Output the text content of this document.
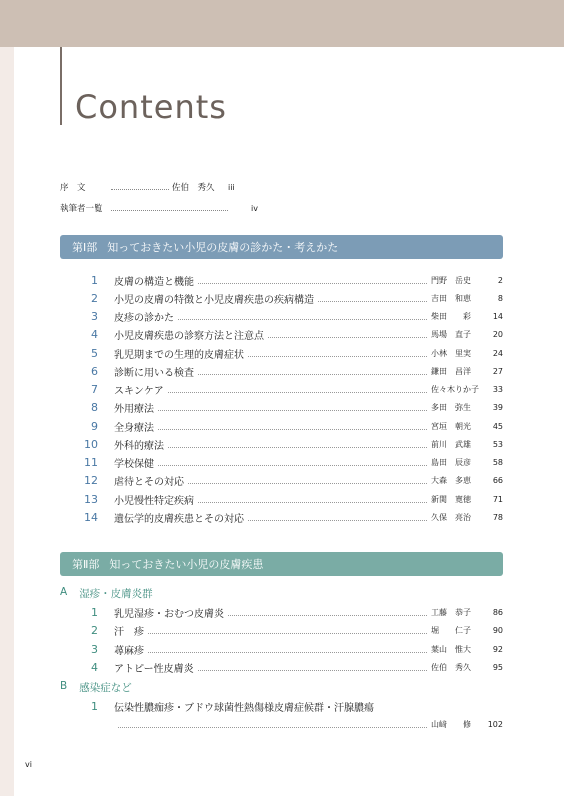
Contents
序　文	佐伯　秀久	iii
執筆者一覧	iv
第Ⅰ部 知っておきたい小児の皮膚の診かた・考えかた
1 皮膚の構造と機能	門野　岳史	2
2 小児の皮膚の特徴と小児皮膚疾患の疾病構造	吉田　和恵	8
3 皮疹の診かた	柴田　　彩	14
4 小児皮膚疾患の診察方法と注意点	馬場　直子	20
5 乳児期までの生理的皮膚症状	小林　里実	24
6 診断に用いる検査	鎌田　昌洋	27
7 スキンケア	佐々木りか子	33
8 外用療法	多田　弥生	39
9 全身療法	宮垣　朝光	45
10 外科的療法	前川　武雄	53
11 学校保健	島田　辰彦	58
12 虐待とその対応	大森　多恵	66
13 小児慢性特定疾病	新関　寛徳	71
14 遺伝学的皮膚疾患とその対応	久保　亮治	78
第Ⅱ部 知っておきたい小児の皮膚疾患
A 湿疹・皮膚炎群
1 乳児湿疹・おむつ皮膚炎	工藤　恭子	86
2 汗　疹	堀　　仁子	90
3 蕁麻疹	葉山　惟大	92
4 アトピー性皮膚炎	佐伯　秀久	95
B 感染症など
1 伝染性膿痂疹・ブドウ球菌性熱傷様皮膚症候群・汗腺膿瘍
山﨑　　修	102
vi
